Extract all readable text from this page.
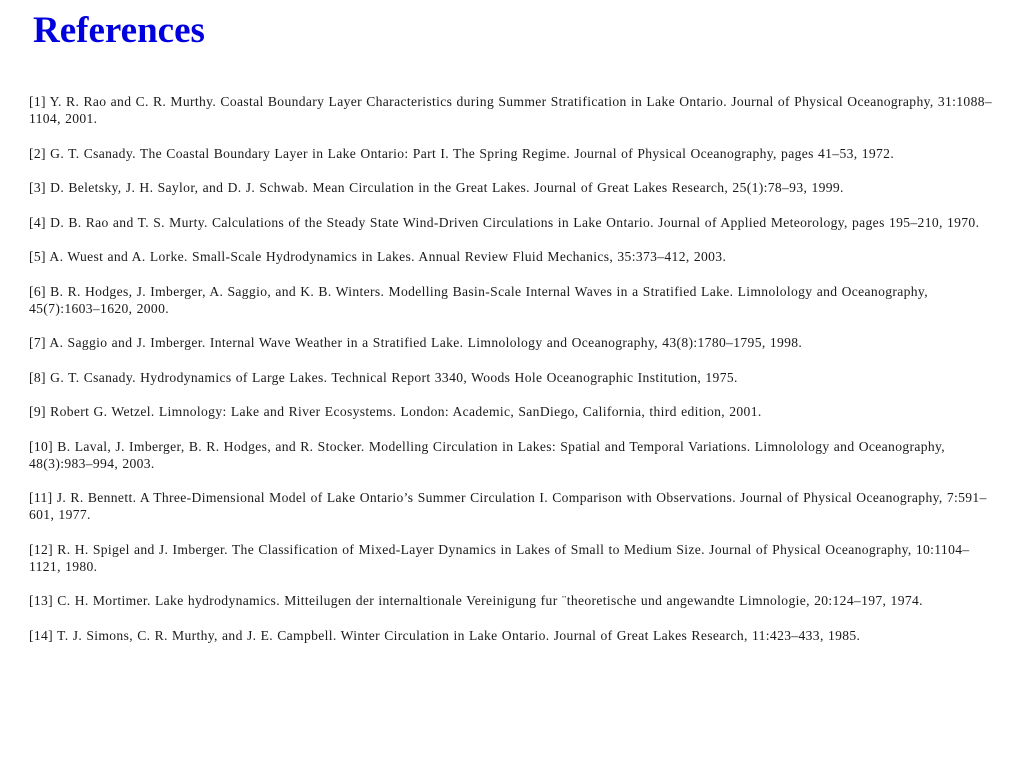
References
[1] Y. R. Rao and C. R. Murthy. Coastal Boundary Layer Characteristics during Summer Stratification in Lake Ontario. Journal of Physical Oceanography, 31:1088–1104, 2001.
[2] G. T. Csanady. The Coastal Boundary Layer in Lake Ontario: Part I. The Spring Regime. Journal of Physical Oceanography, pages 41–53, 1972.
[3] D. Beletsky, J. H. Saylor, and D. J. Schwab. Mean Circulation in the Great Lakes. Journal of Great Lakes Research, 25(1):78–93, 1999.
[4] D. B. Rao and T. S. Murty. Calculations of the Steady State Wind-Driven Circulations in Lake Ontario. Journal of Applied Meteorology, pages 195–210, 1970.
[5] A. Wuest and A. Lorke. Small-Scale Hydrodynamics in Lakes. Annual Review Fluid Mechanics, 35:373–412, 2003.
[6] B. R. Hodges, J. Imberger, A. Saggio, and K. B. Winters. Modelling Basin-Scale Internal Waves in a Stratified Lake. Limnolology and Oceanography, 45(7):1603–1620, 2000.
[7] A. Saggio and J. Imberger. Internal Wave Weather in a Stratified Lake. Limnolology and Oceanography, 43(8):1780–1795, 1998.
[8] G. T. Csanady. Hydrodynamics of Large Lakes. Technical Report 3340, Woods Hole Oceanographic Institution, 1975.
[9] Robert G. Wetzel. Limnology: Lake and River Ecosystems. London: Academic, SanDiego, California, third edition, 2001.
[10] B. Laval, J. Imberger, B. R. Hodges, and R. Stocker. Modelling Circulation in Lakes: Spatial and Temporal Variations. Limnolology and Oceanography, 48(3):983–994, 2003.
[11] J. R. Bennett. A Three-Dimensional Model of Lake Ontario’s Summer Circulation I. Comparison with Observations. Journal of Physical Oceanography, 7:591–601, 1977.
[12] R. H. Spigel and J. Imberger. The Classification of Mixed-Layer Dynamics in Lakes of Small to Medium Size. Journal of Physical Oceanography, 10:1104–1121, 1980.
[13] C. H. Mortimer. Lake hydrodynamics. Mitteilugen der internaltionale Vereinigung fur ¨theoretische und angewandte Limnologie, 20:124–197, 1974.
[14] T. J. Simons, C. R. Murthy, and J. E. Campbell. Winter Circulation in Lake Ontario. Journal of Great Lakes Research, 11:423–433, 1985.
